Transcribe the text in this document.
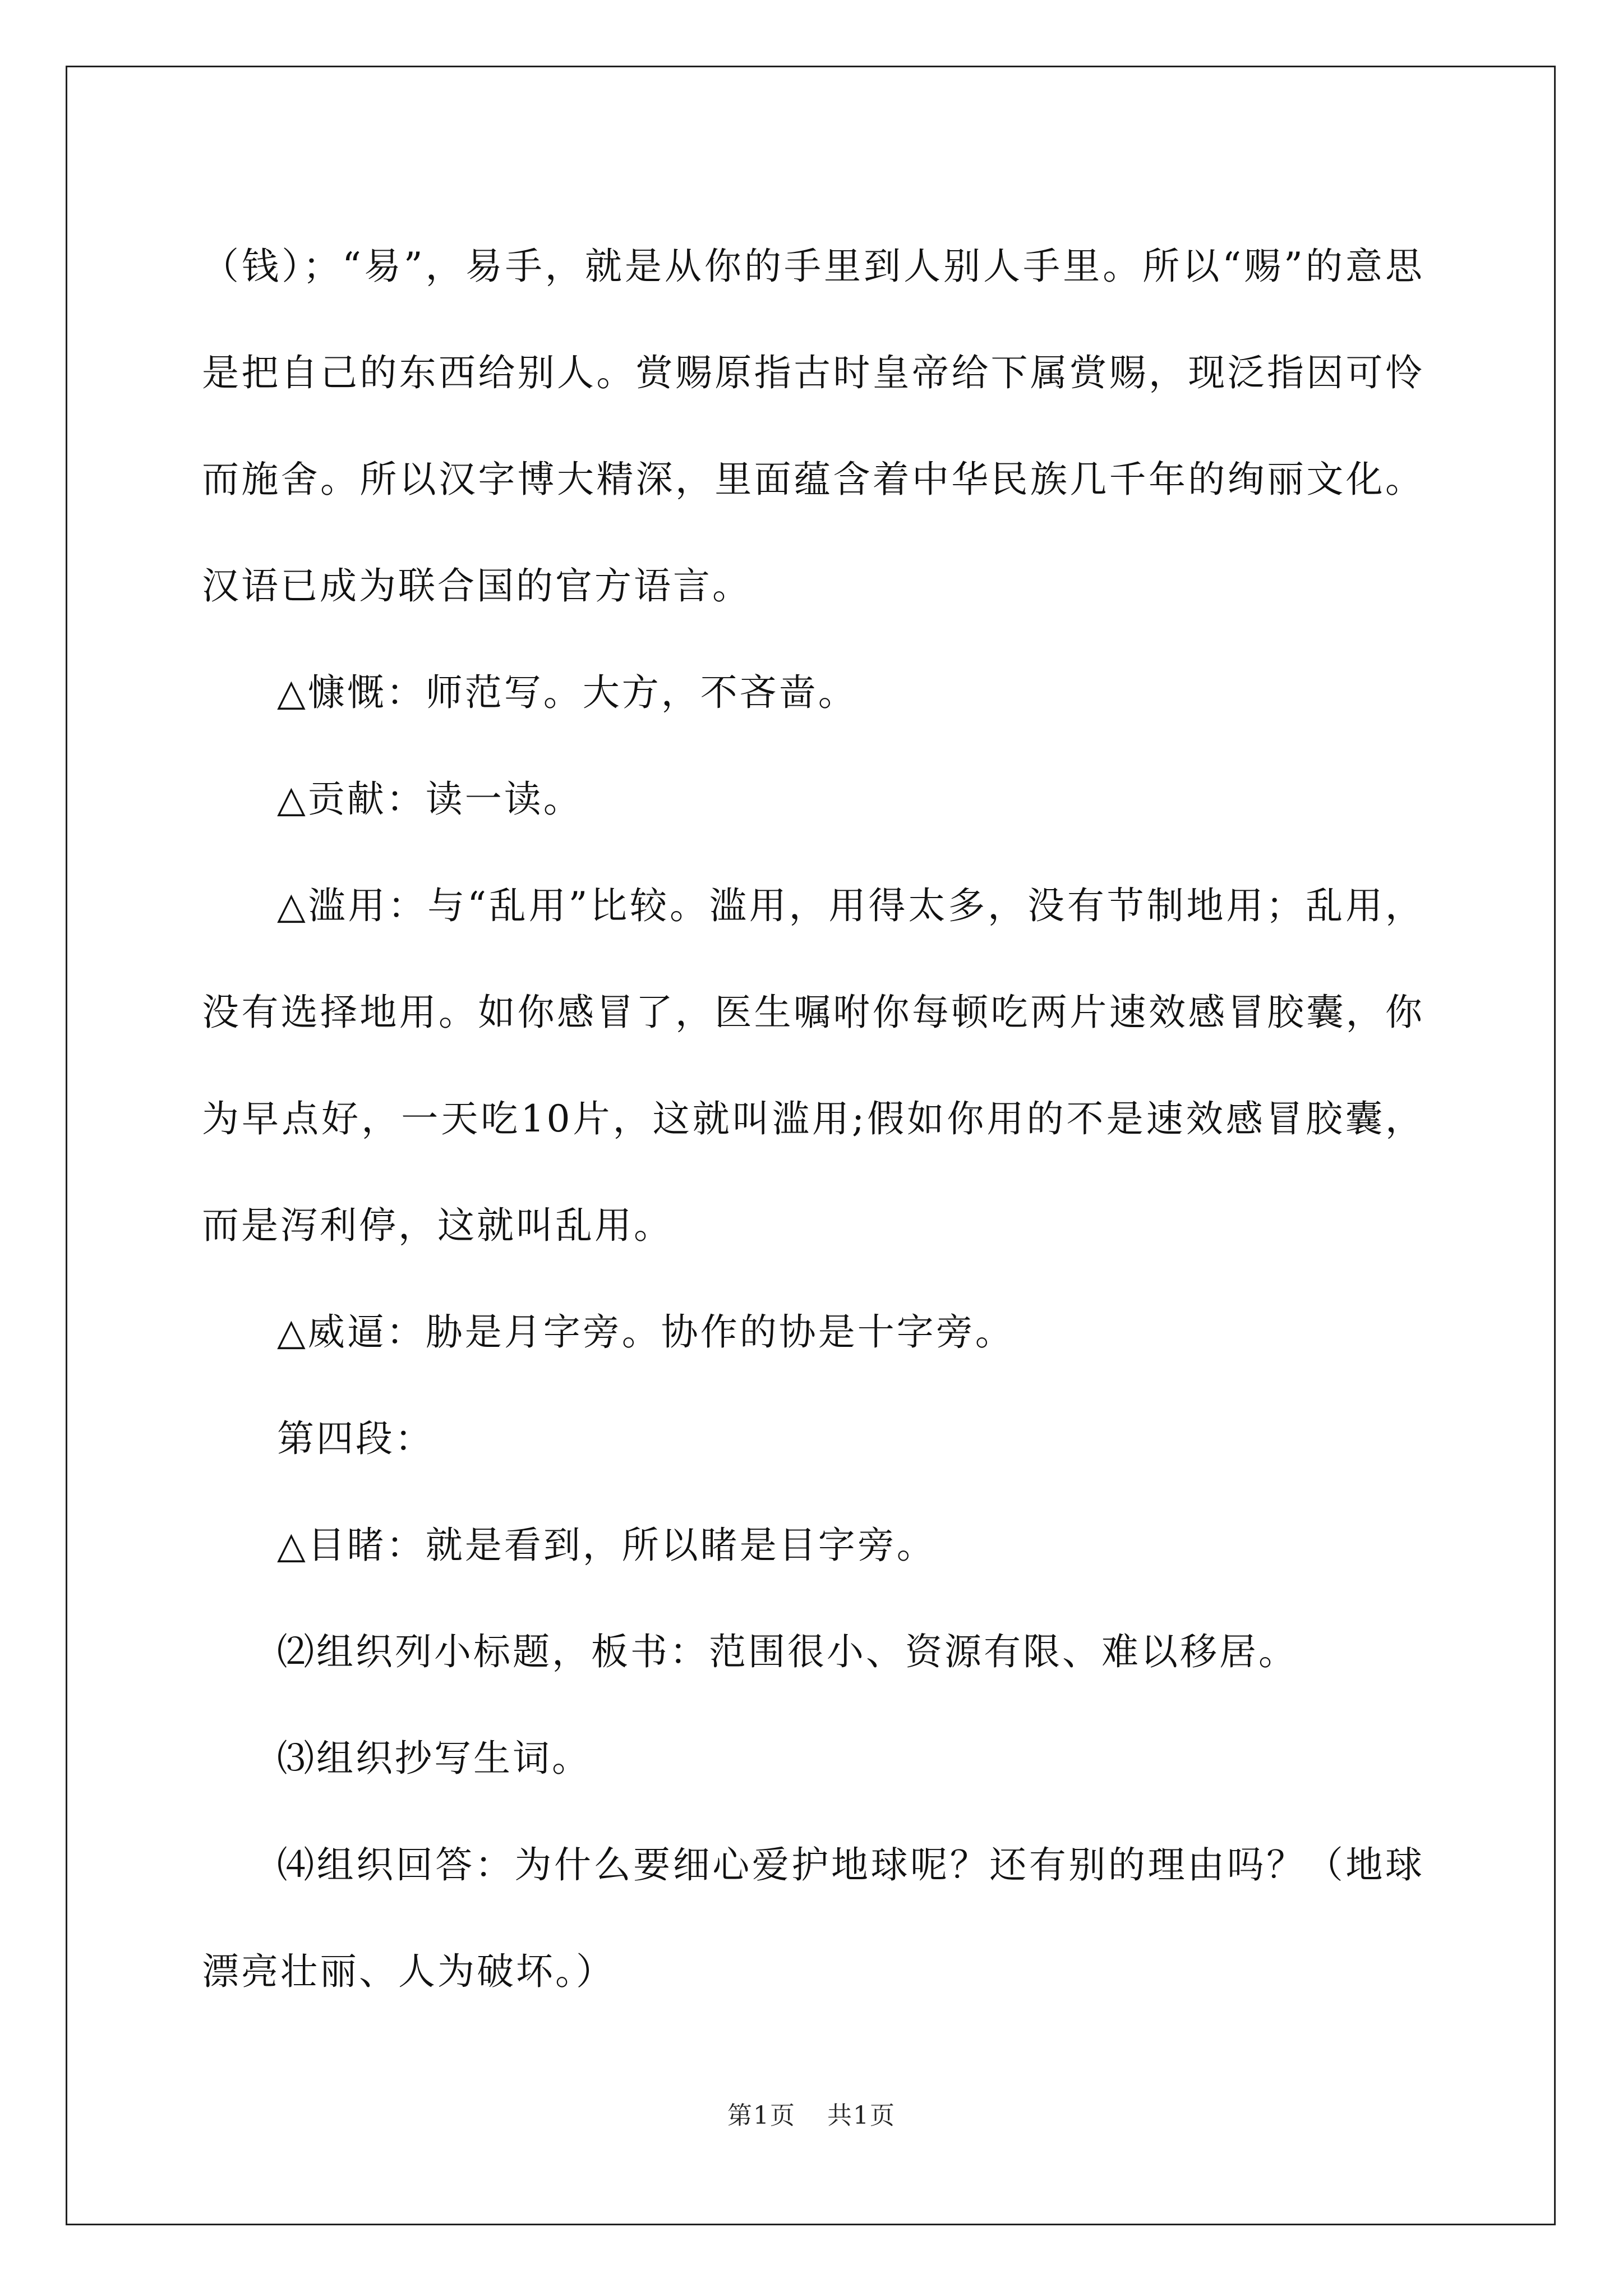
（钱）；“易”，易手，就是从你的手里到人别人手里。所以“赐”的意思是把自己的东西给别人。赏赐原指古时皇帝给下属赏赐，现泛指因可怜而施舍。所以汉字博大精深，里面蕴含着中华民族几千年的绚丽文化。汉语已成为联合国的官方语言。

△慷慨：师范写。大方，不吝啬。

△贡献：读一读。

△滥用：与“乱用”比较。滥用，用得太多，没有节制地用；乱用，没有选择地用。如你感冒了，医生嘱咐你每顿吃两片速效感冒胶囊，你为早点好，一天吃10片，这就叫滥用;假如你用的不是速效感冒胶囊，而是泻利停，这就叫乱用。

△威逼：胁是月字旁。协作的协是十字旁。

第四段：

△目睹：就是看到，所以睹是目字旁。

⑵组织列小标题，板书：范围很小、资源有限、难以移居。

⑶组织抄写生词。

⑷组织回答：为什么要细心爱护地球呢？还有别的理由吗？（地球漂亮壮丽、人为破坏。）

第1页 共1页
